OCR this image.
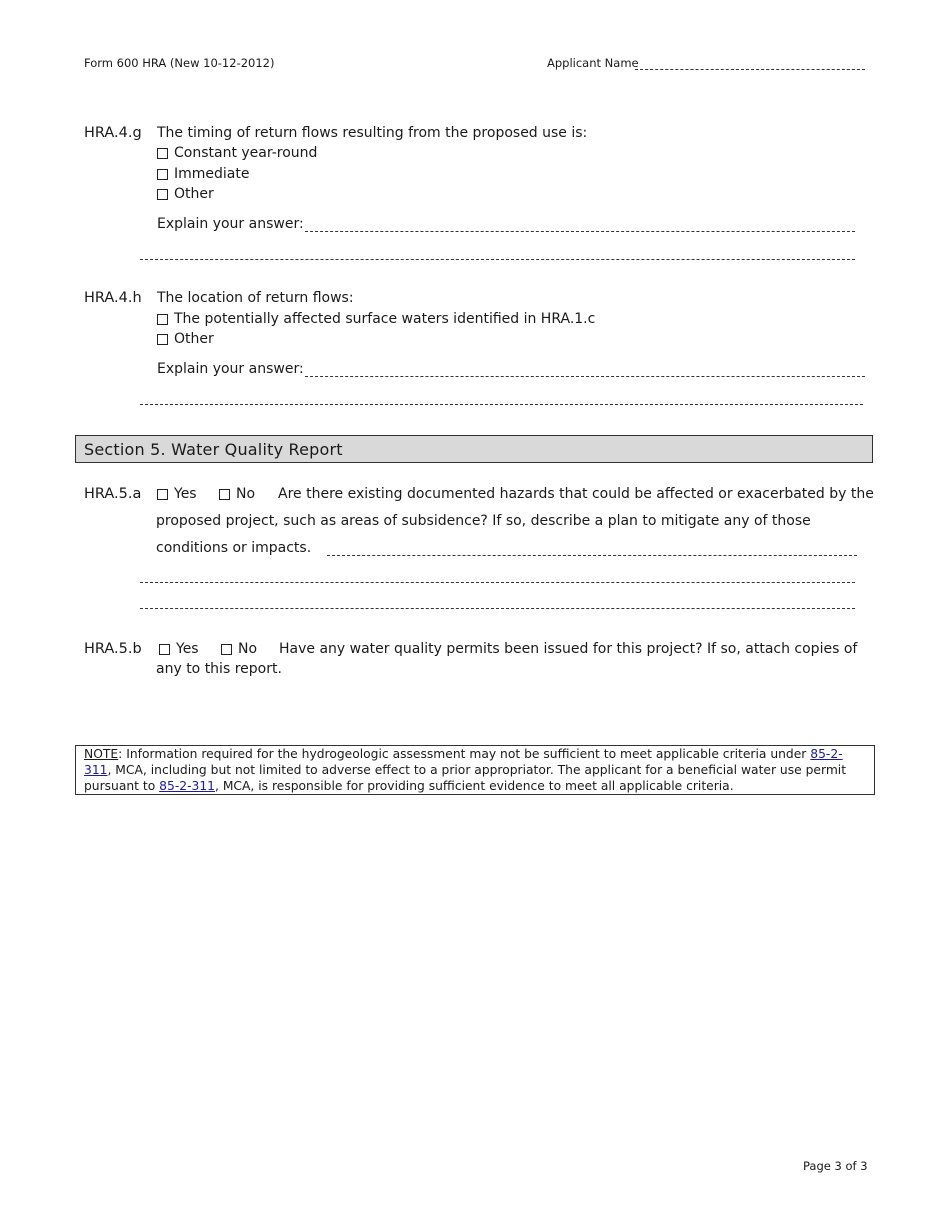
Form 600 HRA (New 10-12-2012)	Applicant Name
HRA.4.g The timing of return flows resulting from the proposed use is:
Constant year-round
Immediate
Other
Explain your answer:
HRA.4.h The location of return flows:
The potentially affected surface waters identified in HRA.1.c
Other
Explain your answer:
Section 5. Water Quality Report
HRA.5.a	Yes	No Are there existing documented hazards that could be affected or exacerbated by the
proposed project, such as areas of subsidence? If so, describe a plan to mitigate any of those
conditions or impacts.
HRA.5.b	Yes	No Have any water quality permits been issued for this project? If so, attach copies of
any to this report.
NOTE: Information required for the hydrogeologic assessment may not be sufficient to meet applicable criteria under 85-2-311, MCA, including but not limited to adverse effect to a prior appropriator. The applicant for a beneficial water use permit pursuant to 85-2-311, MCA, is responsible for providing sufficient evidence to meet all applicable criteria.
Page 3 of 3
